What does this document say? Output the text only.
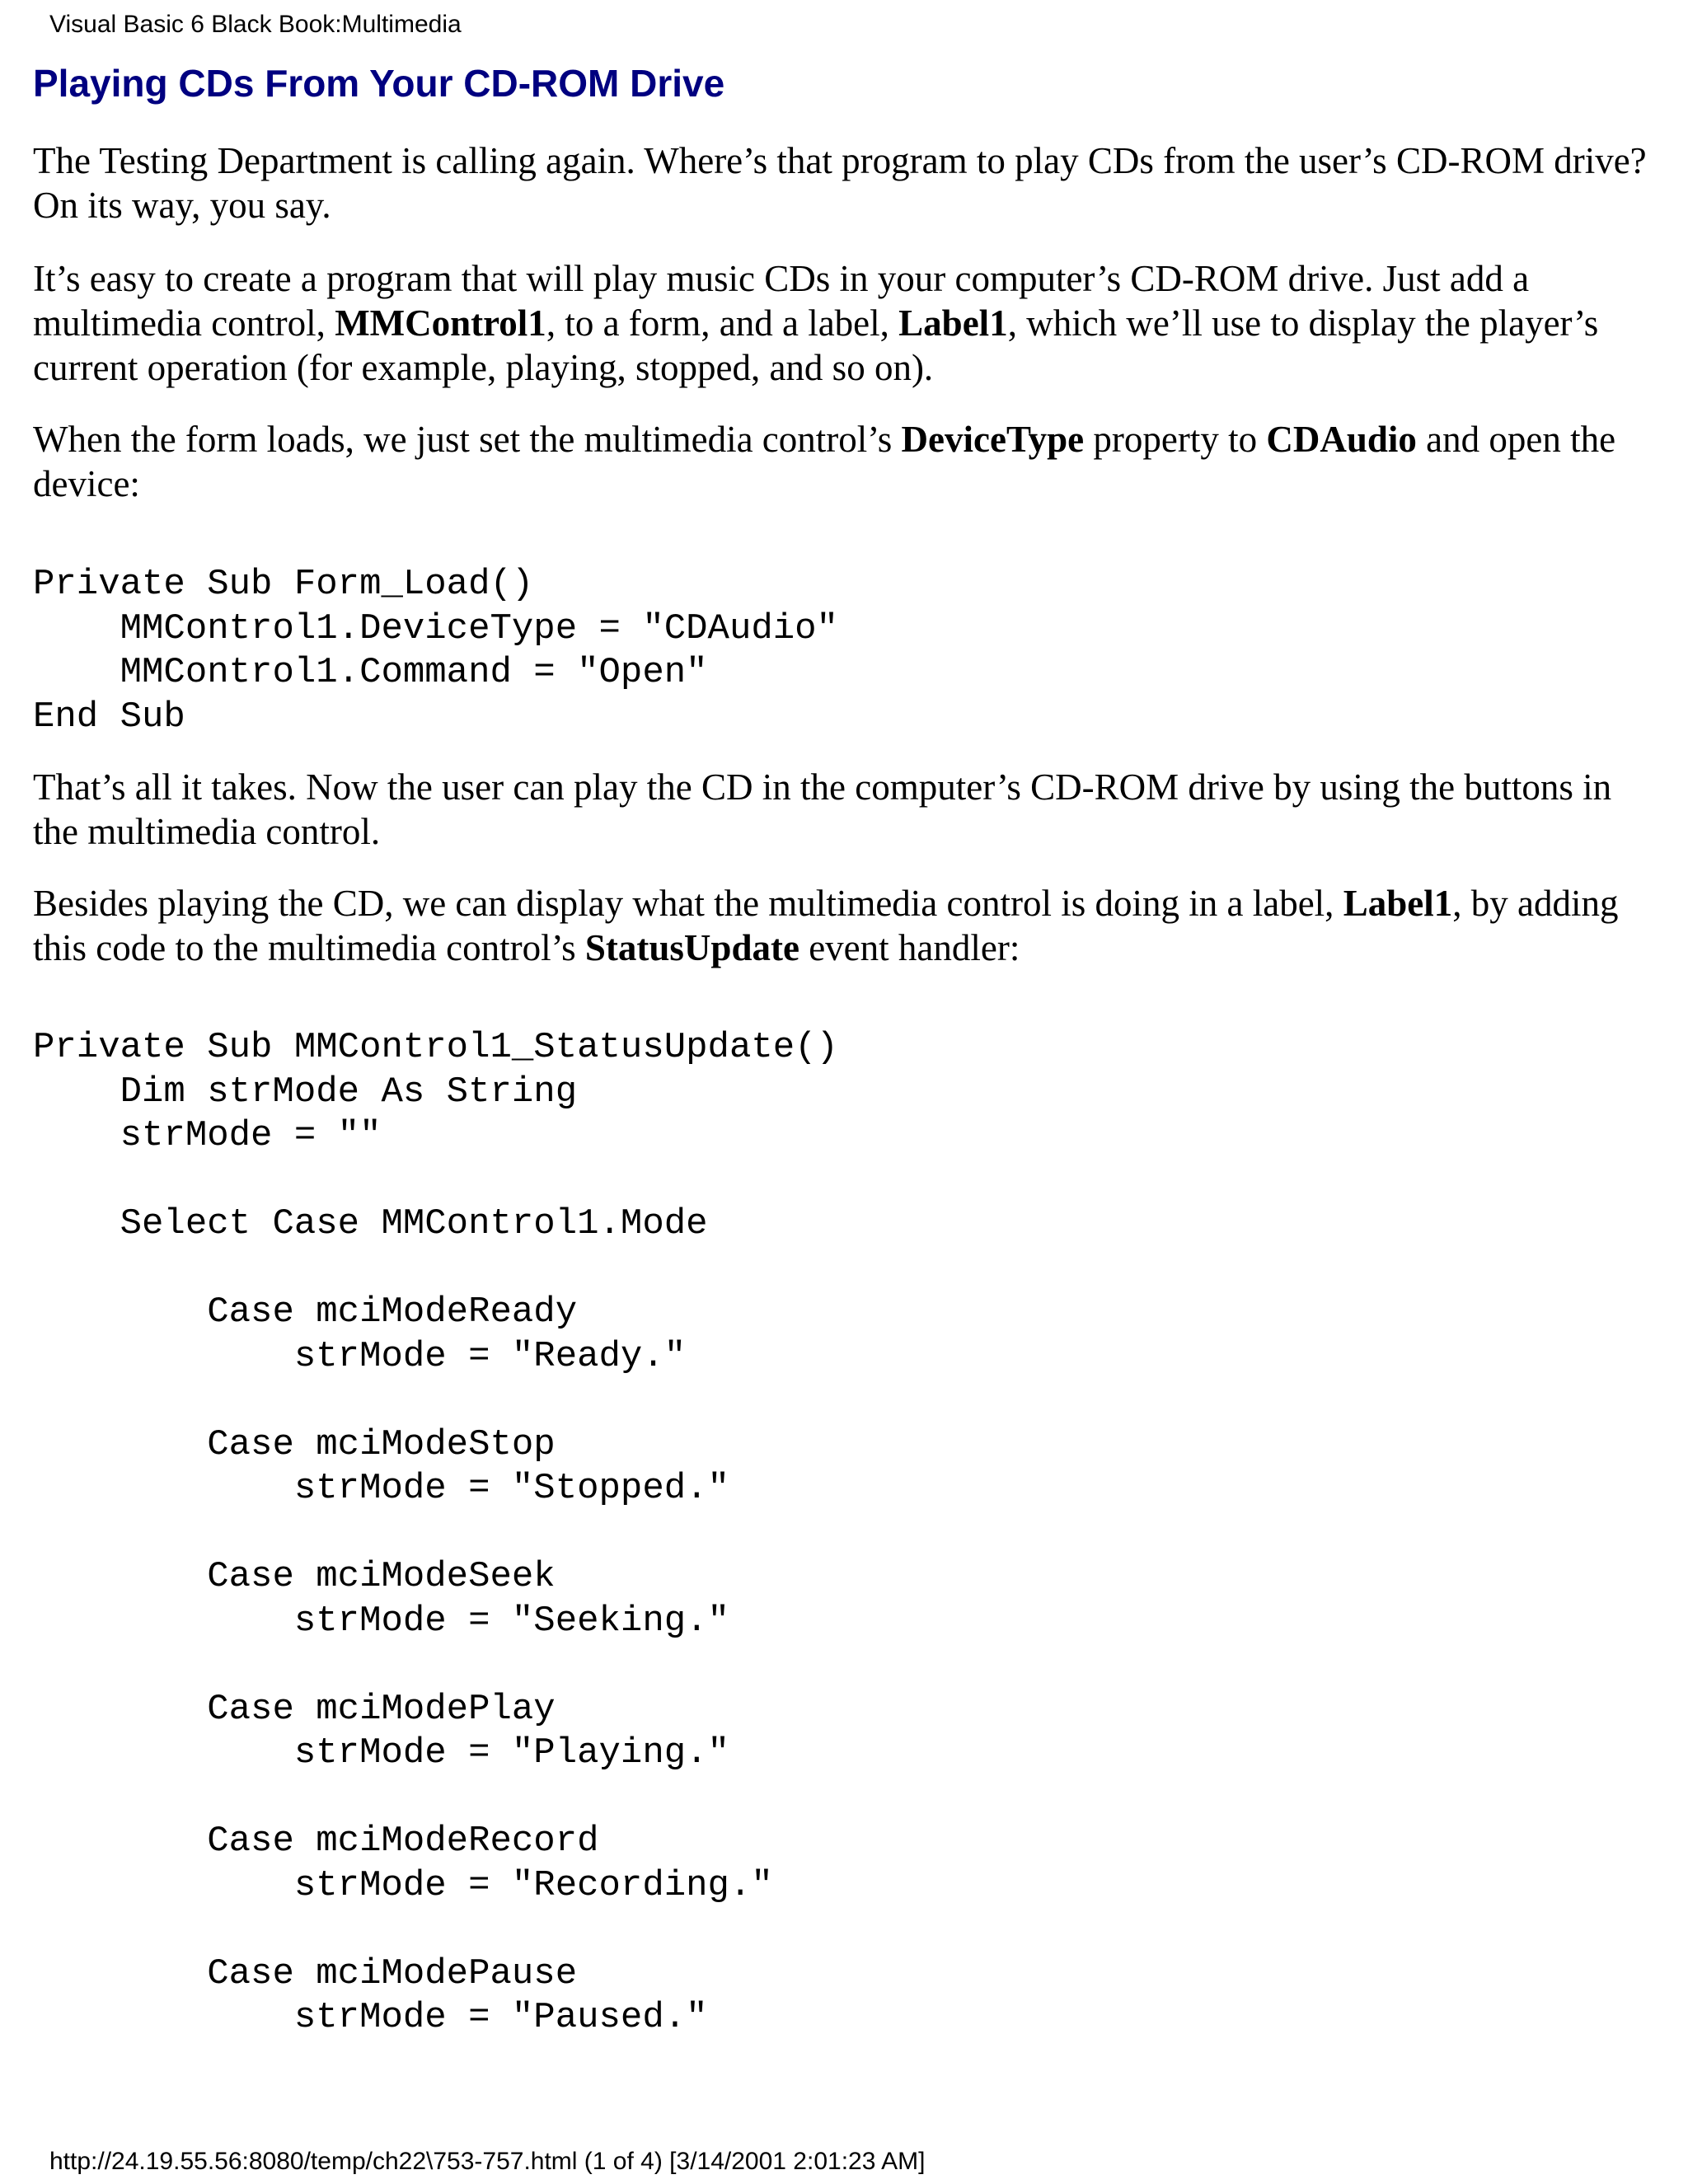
Visual Basic 6 Black Book:Multimedia
Playing CDs From Your CD-ROM Drive

The Testing Department is calling again. Where’s that program to play CDs from the user’s CD-ROM drive? On its way, you say.

It’s easy to create a program that will play music CDs in your computer’s CD-ROM drive. Just add a multimedia control, MMControl1, to a form, and a label, Label1, which we’ll use to display the player’s current operation (for example, playing, stopped, and so on).

When the form loads, we just set the multimedia control’s DeviceType property to CDAudio and open the device:

Private Sub Form_Load()
MMControl1.DeviceType = "CDAudio"
MMControl1.Command = "Open"
End Sub

That’s all it takes. Now the user can play the CD in the computer’s CD-ROM drive by using the buttons in the multimedia control.

Besides playing the CD, we can display what the multimedia control is doing in a label, Label1, by adding this code to the multimedia control’s StatusUpdate event handler:

Private Sub MMControl1_StatusUpdate()
Dim strMode As String
strMode = ""
Select Case MMControl1.Mode
Case mciModeReady
strMode = "Ready."
Case mciModeStop
strMode = "Stopped."
Case mciModeSeek
strMode = "Seeking."
Case mciModePlay
strMode = "Playing."
Case mciModeRecord
strMode = "Recording."
Case mciModePause
strMode = "Paused."
http://24.19.55.56:8080/temp/ch22\753-757.html (1 of 4) [3/14/2001 2:01:23 AM]
